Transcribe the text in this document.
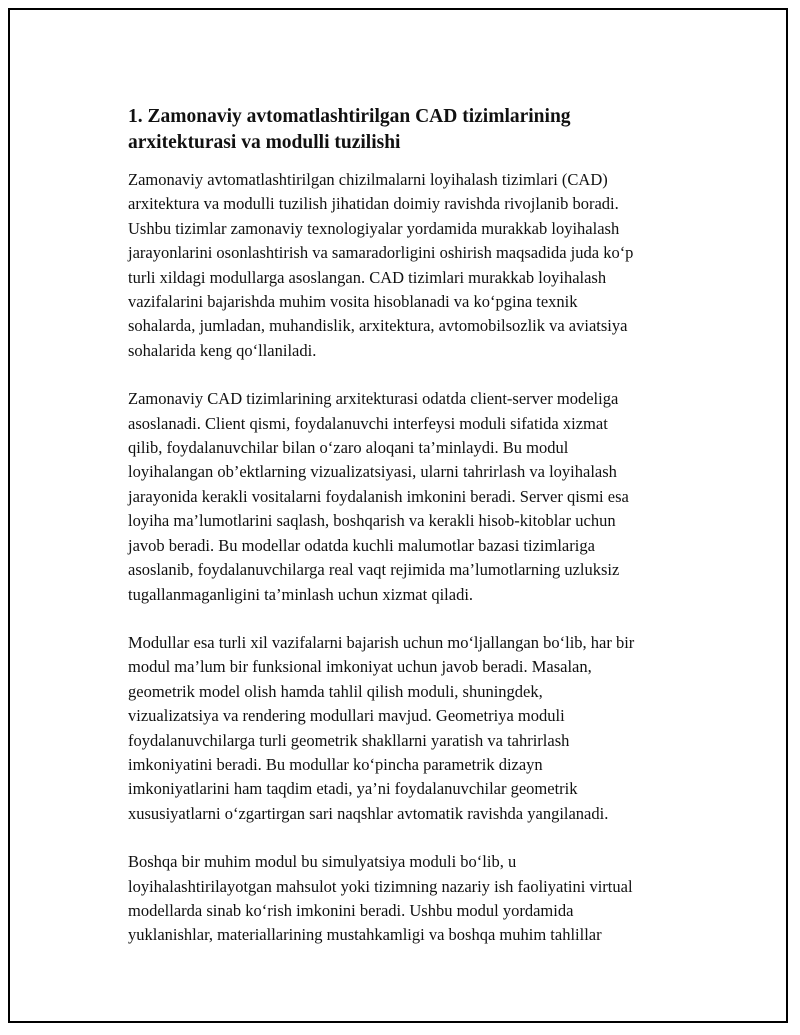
1. Zamonaviy avtomatlashtirilgan CAD tizimlarining
arxitekturasi va modulli tuzilishi

Zamonaviy avtomatlashtirilgan chizilmalarni loyihalash tizimlari (CAD)
arxitektura va modulli tuzilish jihatidan doimiy ravishda rivojlanib boradi.
Ushbu tizimlar zamonaviy texnologiyalar yordamida murakkab loyihalash
jarayonlarini osonlashtirish va samaradorligini oshirish maqsadida juda ko‘p
turli xildagi modullarga asoslangan. CAD tizimlari murakkab loyihalash
vazifalarini bajarishda muhim vosita hisoblanadi va ko‘pgina texnik
sohalarda, jumladan, muhandislik, arxitektura, avtomobilsozlik va aviatsiya
sohalarida keng qo‘llaniladi.

Zamonaviy CAD tizimlarining arxitekturasi odatda client-server modeliga
asoslanadi. Client qismi, foydalanuvchi interfeysi moduli sifatida xizmat
qilib, foydalanuvchilar bilan o‘zaro aloqani ta’minlaydi. Bu modul
loyihalangan ob’ektlarning vizualizatsiyasi, ularni tahrirlash va loyihalash
jarayonida kerakli vositalarni foydalanish imkonini beradi. Server qismi esa
loyiha ma’lumotlarini saqlash, boshqarish va kerakli hisob-kitoblar uchun
javob beradi. Bu modellar odatda kuchli malumotlar bazasi tizimlariga
asoslanib, foydalanuvchilarga real vaqt rejimida ma’lumotlarning uzluksiz
tugallanmaganligini ta’minlash uchun xizmat qiladi.

Modullar esa turli xil vazifalarni bajarish uchun mo‘ljallangan bo‘lib, har bir
modul ma’lum bir funksional imkoniyat uchun javob beradi. Masalan,
geometrik model olish hamda tahlil qilish moduli, shuningdek,
vizualizatsiya va rendering modullari mavjud. Geometriya moduli
foydalanuvchilarga turli geometrik shakllarni yaratish va tahrirlash
imkoniyatini beradi. Bu modullar ko‘pincha parametrik dizayn
imkoniyatlarini ham taqdim etadi, ya’ni foydalanuvchilar geometrik
xususiyatlarni o‘zgartirgan sari naqshlar avtomatik ravishda yangilanadi.

Boshqa bir muhim modul bu simulyatsiya moduli bo‘lib, u
loyihalashtirilayotgan mahsulot yoki tizimning nazariy ish faoliyatini virtual
modellarda sinab ko‘rish imkonini beradi. Ushbu modul yordamida
yuklanishlar, materiallarining mustahkamligi va boshqa muhim tahlillar
